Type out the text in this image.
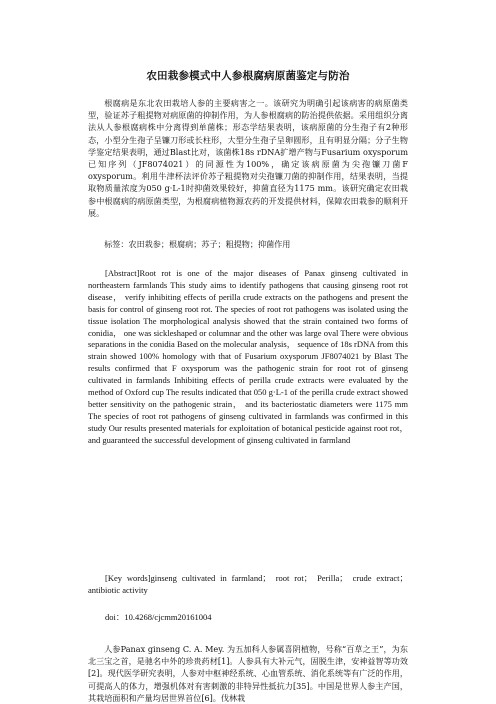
农田栽参模式中人参根腐病原菌鉴定与防治
根腐病是东北农田栽培人参的主要病害之一。该研究为明确引起该病害的病原菌类型，验证苏子粗提物对病原菌的抑制作用，为人参根腐病的防治提供依据。采用组织分离法从人参根腐病株中分离得到单菌株；形态学结果表明，该病原菌的分生孢子有2种形态，小型分生孢子呈镰刀形或长柱形，大型分生孢子呈卵圆形，且有明显分隔；分子生物学鉴定结果表明，通过Blast比对，该菌株18s rDNA扩增产物与Fusarium oxysporum已知序列（JF8074021）的同源性为100%，确定该病原菌为尖孢镰刀菌F oxysporum。利用牛津杯法评价苏子粗提物对尖孢镰刀菌的抑制作用，结果表明，当提取物质量浓度为050 g·L-1时抑菌效果较好，抑菌直径为1175 mm。该研究确定农田栽参中根腐病的病原菌类型，为根腐病植物源农药的开发提供材料，保障农田栽参的顺利开展。
标签：农田栽参；根腐病；苏子；粗提物；抑菌作用
[Abstract]Root rot is one of the major diseases of Panax ginseng cultivated in northeastern farmlands This study aims to identify pathogens that causing ginseng root rot disease， verify inhibiting effects of perilla crude extracts on the pathogens and present the basis for control of ginseng root rot. The species of root rot pathogens was isolated using the tissue isolation The morphological analysis showed that the strain contained two forms of conidia， one was sickleshaped or columnar and the other was large oval There were obvious separations in the conidia Based on the molecular analysis， sequence of 18s rDNA from this strain showed 100% homology with that of Fusarium oxysporum JF8074021 by Blast The results confirmed that F oxysporum was the pathogenic strain for root rot of ginseng cultivated in farmlands Inhibiting effects of perilla crude extracts were evaluated by the method of Oxford cup The results indicated that 050 g·L-1 of the perilla crude extract showed better sensitivity on the pathogenic strain， and its bacteriostatic diameters were 1175 mm The species of root rot pathogens of ginseng cultivated in farmlands was confirmed in this study Our results presented materials for exploitation of botanical pesticide against root rot， and guaranteed the successful development of ginseng cultivated in farmland
[Key words]ginseng cultivated in farmland； root rot； Perilla； crude extract； antibiotic activity
doi：10.4268/cjcmm20161004
人参Panax ginseng C. A. Mey. 为五加科人参属喜阴植物，号称“百草之王”，为东北三宝之首，是驰名中外的珍贵药材[1]。人参具有大补元气，固脱生津，安神益智等功效[2]。现代医学研究表明，人参对中枢神经系统、心血管系统、消化系统等有广泛的作用，可提高人的体力，增强机体对有害刺激的非特异性抵抗力[35]。中国是世界人参主产国，其栽培面积和产量均居世界首位[6]。伐林栽
